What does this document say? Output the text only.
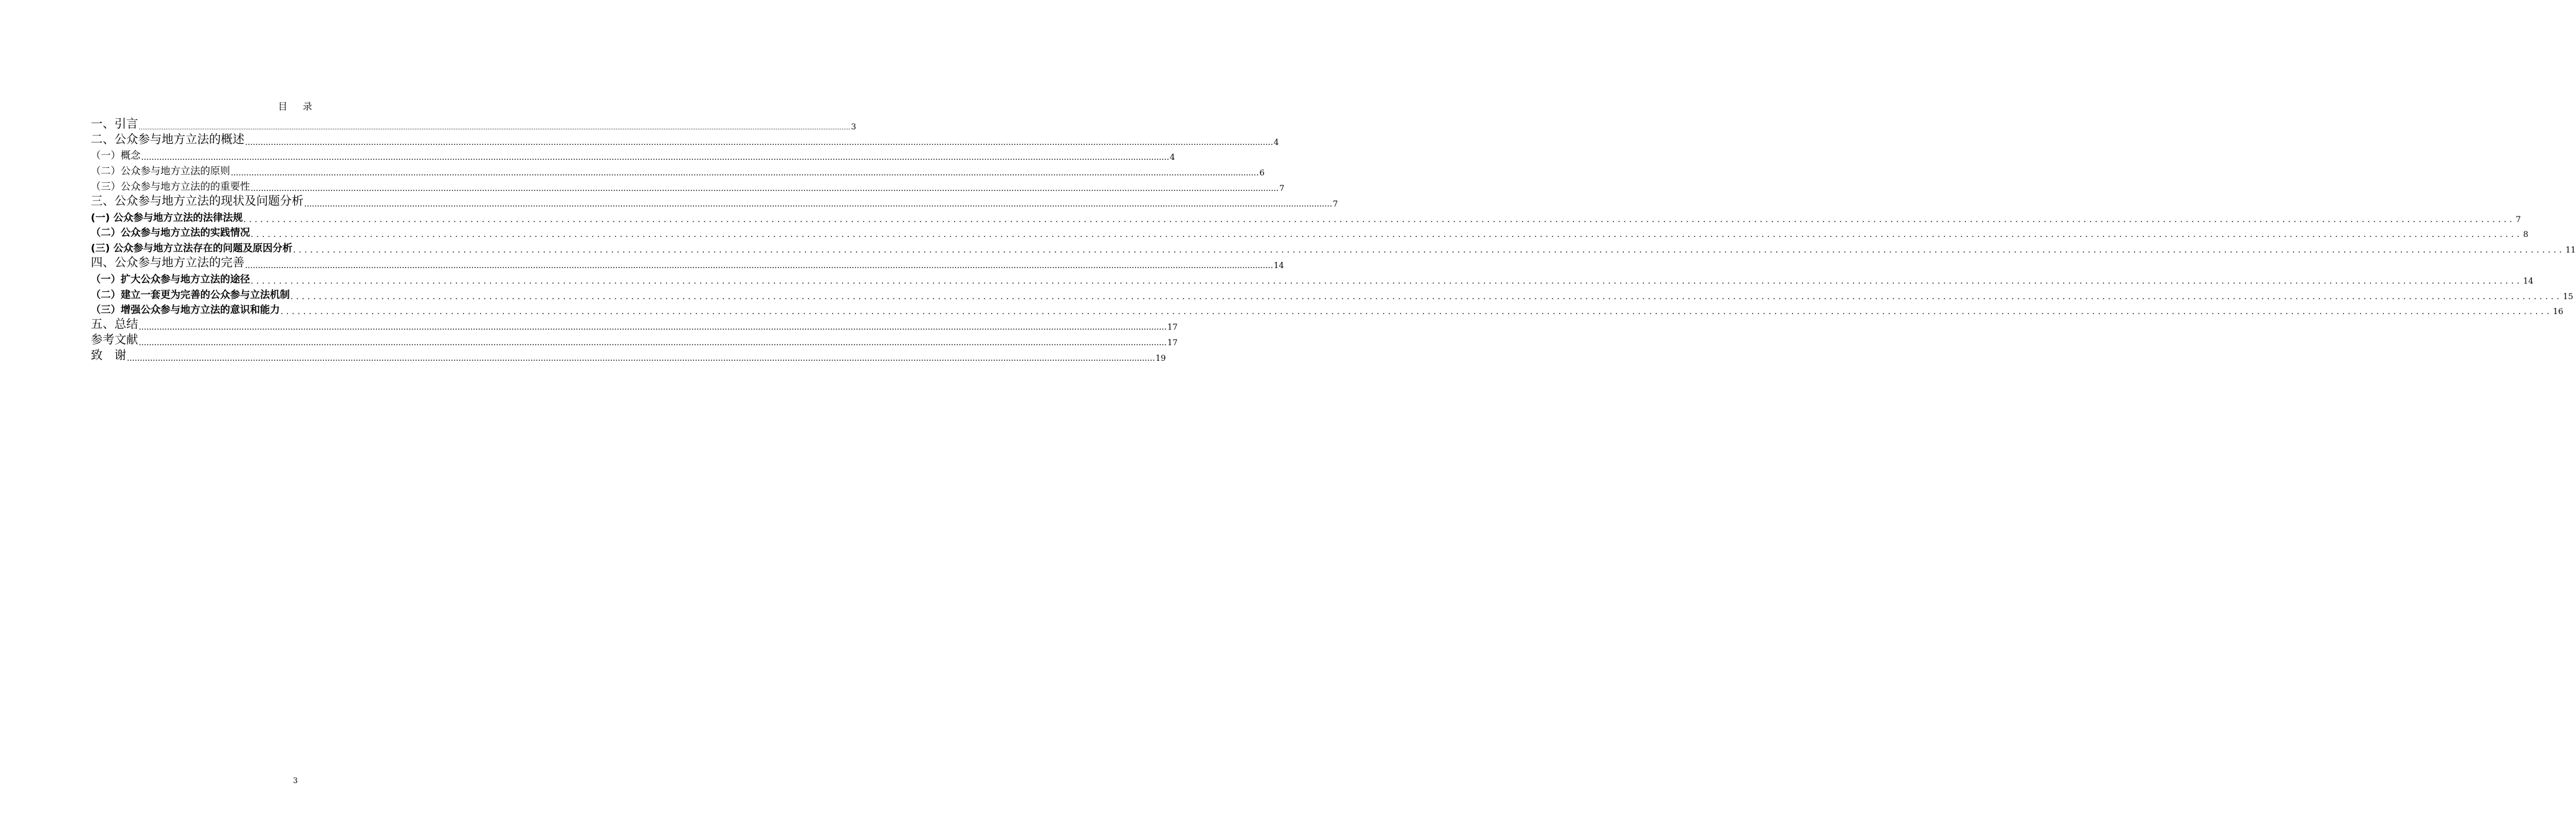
目 录
一、引言 ................................................................................................................................................................................................................................................................................................................................................................................................................ 3
二、公众参与地方立法的概述 ................................................................................................................................................................................................................................................................................................................................................................................................................ 4
（一）概念 ................................................................................................................................................................................................................................................................................................................................................................................................................ 4
（二）公众参与地方立法的原则 ................................................................................................................................................................................................................................................................................................................................................................................................................ 6
（三）公众参与地方立法的的重要性 ................................................................................................................................................................................................................................................................................................................................................................................................................ 7
三、公众参与地方立法的现状及问题分析 ................................................................................................................................................................................................................................................................................................................................................................................................................ 7
(一) 公众参与地方立法的法律法规 ................................................................................................................................................................................................................................................................................................................................................................................................................ 7
（二）公众参与地方立法的实践情况 ................................................................................................................................................................................................................................................................................................................................................................................................................ 8
(三) 公众参与地方立法存在的问题及原因分析 ................................................................................................................................................................................................................................................................................................................................................................................................................ 11
四、公众参与地方立法的完善 ................................................................................................................................................................................................................................................................................................................................................................................................................ 14
（一）扩大公众参与地方立法的途径 ................................................................................................................................................................................................................................................................................................................................................................................................................ 14
（二）建立一套更为完善的公众参与立法机制 ................................................................................................................................................................................................................................................................................................................................................................................................................ 15
（三）增强公众参与地方立法的意识和能力 ................................................................................................................................................................................................................................................................................................................................................................................................................ 16
五、总结 ................................................................................................................................................................................................................................................................................................................................................................................................................ 17
参考文献 ................................................................................................................................................................................................................................................................................................................................................................................................................ 17
致　谢 ................................................................................................................................................................................................................................................................................................................................................................................................................ 19
3
